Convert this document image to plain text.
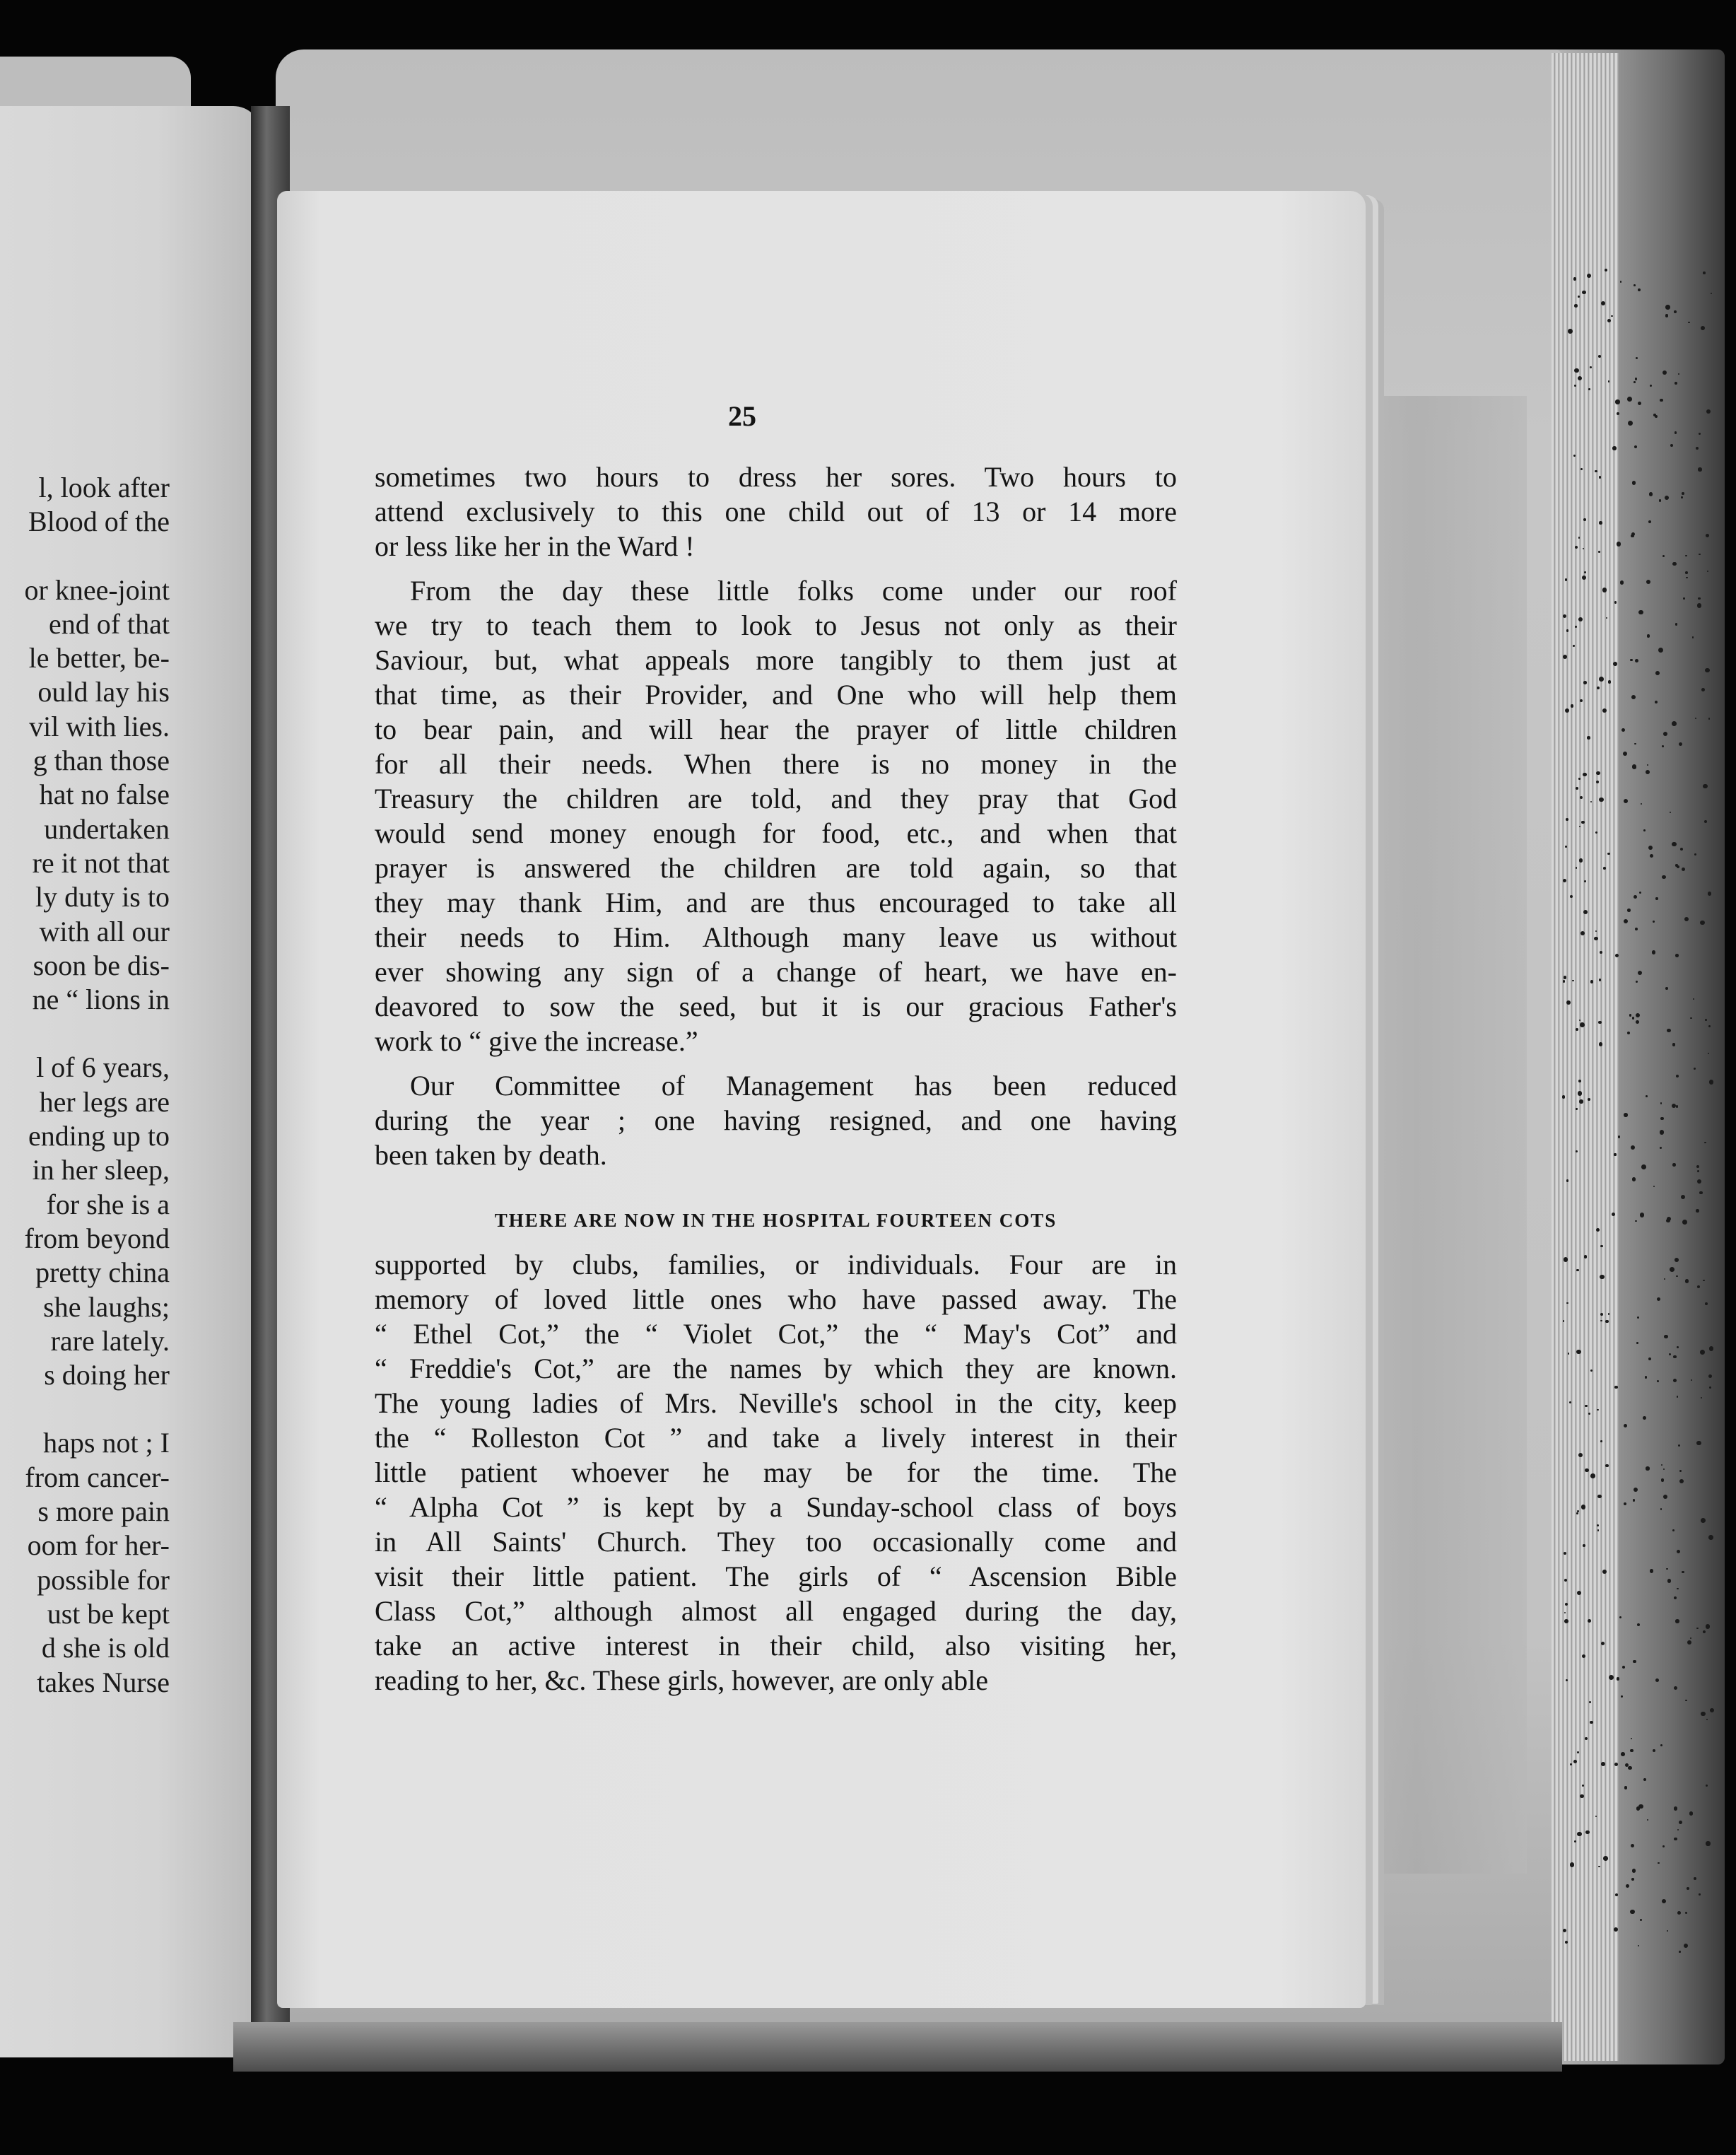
l, look after
Blood of the
or knee-joint
end of that
le better, be-
ould lay his
vil with lies.
g than those
hat no false
undertaken
re it not that
ly duty is to
with all our
soon be dis-
ne “ lions in
l of 6 years,
her legs are
ending up to
in her sleep,
for she is a
from beyond
pretty china
she laughs;
rare lately.
s doing her
haps not ; I
from cancer-
s more pain
oom for her-
possible for
ust be kept
d she is old
takes Nurse
25
sometimes two hours to dress her sores. Two hours to
attend exclusively to this one child out of 13 or 14 more
or less like her in the Ward !
From the day these little folks come under our roof
we try to teach them to look to Jesus not only as their
Saviour, but, what appeals more tangibly to them just at
that time, as their Provider, and One who will help them
to bear pain, and will hear the prayer of little children
for all their needs. When there is no money in the
Treasury the children are told, and they pray that God
would send money enough for food, etc., and when that
prayer is answered the children are told again, so that
they may thank Him, and are thus encouraged to take all
their needs to Him. Although many leave us without
ever showing any sign of a change of heart, we have en-
deavored to sow the seed, but it is our gracious Father's
work to “ give the increase.”
Our Committee of Management has been reduced
during the year ; one having resigned, and one having
been taken by death.
THERE ARE NOW IN THE HOSPITAL FOURTEEN COTS
supported by clubs, families, or individuals. Four are in
memory of loved little ones who have passed away. The
“ Ethel Cot,” the “ Violet Cot,” the “ May's Cot” and
“ Freddie's Cot,” are the names by which they are known.
The young ladies of Mrs. Neville's school in the city, keep
the “ Rolleston Cot ” and take a lively interest in their
little patient whoever he may be for the time. The
“ Alpha Cot ” is kept by a Sunday-school class of boys
in All Saints' Church. They too occasionally come and
visit their little patient. The girls of “ Ascension Bible
Class Cot,” although almost all engaged during the day,
take an active interest in their child, also visiting her,
reading to her, &c. These girls, however, are only able
